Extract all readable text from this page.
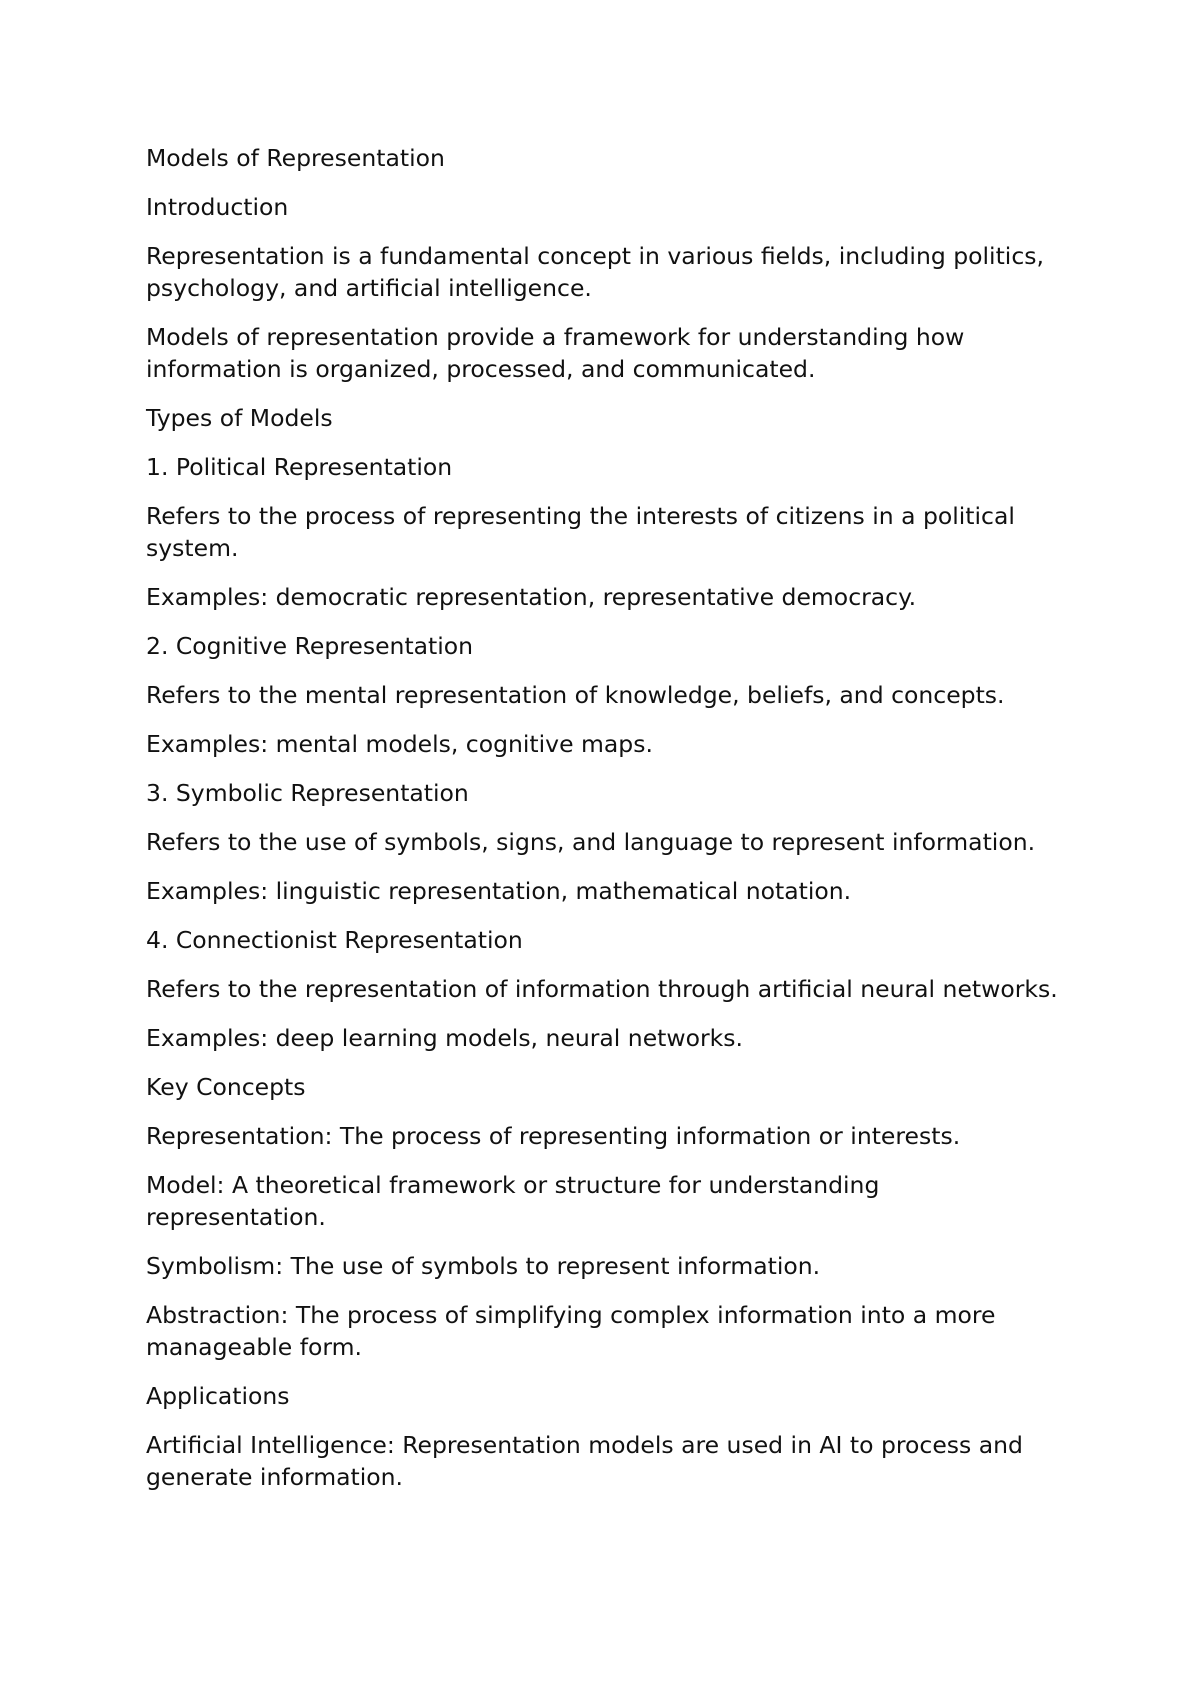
Models of Representation

Introduction

Representation is a fundamental concept in various fields, including politics, psychology, and artificial intelligence.

Models of representation provide a framework for understanding how information is organized, processed, and communicated.

Types of Models

1. Political Representation

Refers to the process of representing the interests of citizens in a political system.

Examples: democratic representation, representative democracy.

2. Cognitive Representation

Refers to the mental representation of knowledge, beliefs, and concepts.

Examples: mental models, cognitive maps.

3. Symbolic Representation

Refers to the use of symbols, signs, and language to represent information.

Examples: linguistic representation, mathematical notation.

4. Connectionist Representation

Refers to the representation of information through artificial neural networks.

Examples: deep learning models, neural networks.

Key Concepts

Representation: The process of representing information or interests.

Model: A theoretical framework or structure for understanding representation.

Symbolism: The use of symbols to represent information.

Abstraction: The process of simplifying complex information into a more manageable form.

Applications

Artificial Intelligence: Representation models are used in AI to process and generate information.
